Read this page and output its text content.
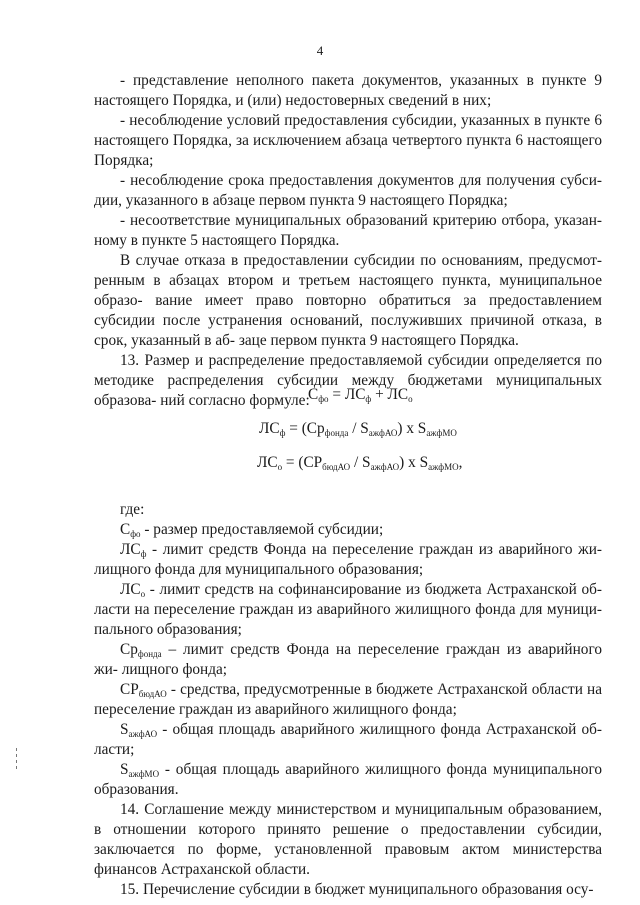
4

- представление неполного пакета документов, указанных в пункте 9 настоящего Порядка, и (или) недостоверных сведений в них;

- несоблюдение условий предоставления субсидии, указанных в пункте 6 настоящего Порядка, за исключением абзаца четвертого пункта 6 настоящего Порядка;

- несоблюдение срока предоставления документов для получения субси- дии, указанного в абзаце первом пункта 9 настоящего Порядка;

- несоответствие муниципальных образований критерию отбора, указан- ному в пункте 5 настоящего Порядка.

В случае отказа в предоставлении субсидии по основаниям, предусмот- ренным в абзацах втором и третьем настоящего пункта, муниципальное образо- вание имеет право повторно обратиться за предоставлением субсидии после устранения оснований, послуживших причиной отказа, в срок, указанный в аб- заце первом пункта 9 настоящего Порядка.

13. Размер и распределение предоставляемой субсидии определяется по методике распределения субсидии между бюджетами муниципальных образова- ний согласно формуле:

$С_{фо} = ЛС_ф + ЛС_о$
$ЛС_ф = (Ср_{фонда} / S_{ажфАО})$ х $S_{ажфМО}$
$ЛС_о = (СР_{бюдАО} / S_{ажфАО})$ х $S_{ажфМО}$,

где:

$С_{фо}$ - размер предоставляемой субсидии;

$ЛС_ф$ - лимит средств Фонда на переселение граждан из аварийного жи- лищного фонда для муниципального образования;

$ЛС_о$ - лимит средств на софинансирование из бюджета Астраханской об- ласти на переселение граждан из аварийного жилищного фонда для муници- пального образования;

$Ср_{фонда}$ – лимит средств Фонда на переселение граждан из аварийного жи- лищного фонда;

$СР_{бюдАО}$ - средства, предусмотренные в бюджете Астраханской области на переселение граждан из аварийного жилищного фонда;

$S_{ажфАО}$ - общая площадь аварийного жилищного фонда Астраханской об- ласти;

$S_{ажфМО}$ - общая площадь аварийного жилищного фонда муниципального образования.

14. Соглашение между министерством и муниципальным образованием, в отношении которого принято решение о предоставлении субсидии, заключается по форме, установленной правовым актом министерства финансов Астраханской области.

15. Перечисление субсидии в бюджет муниципального образования осу-
